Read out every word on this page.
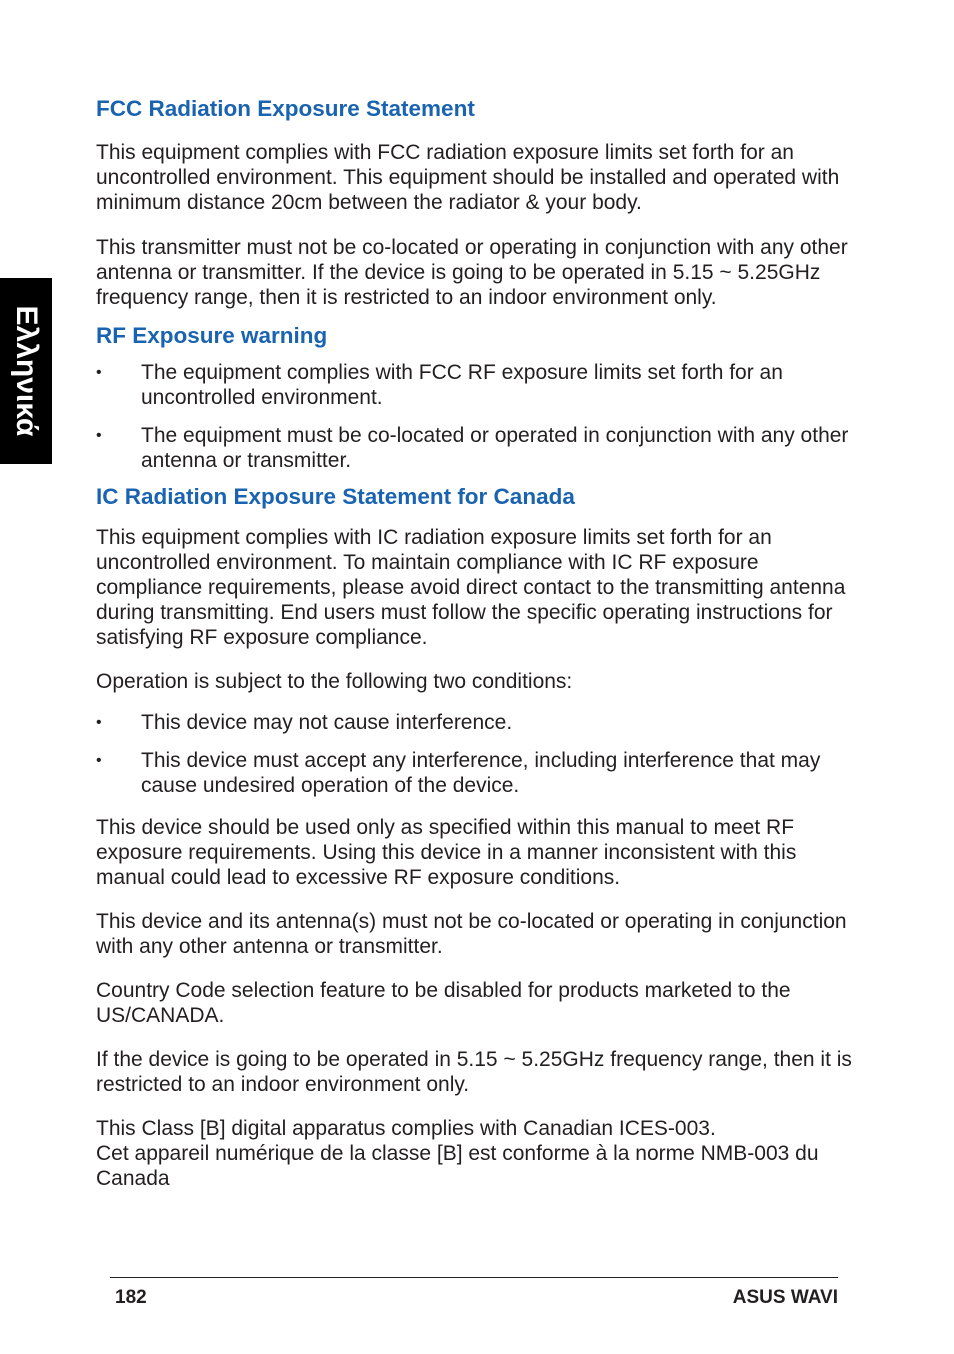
Ελληνικά
FCC Radiation Exposure Statement

This equipment complies with FCC radiation exposure limits set forth for an uncontrolled environment. This equipment should be installed and operated with minimum distance 20cm between the radiator & your body.

This transmitter must not be co-located or operating in conjunction with any other antenna or transmitter. If the device is going to be operated in 5.15 ~ 5.25GHz frequency range, then it is restricted to an indoor environment only.

RF Exposure warning
•	The equipment complies with FCC RF exposure limits set forth for an uncontrolled environment.
•	The equipment must be co-located or operated in conjunction with any other antenna or transmitter.
IC Radiation Exposure Statement for Canada

This equipment complies with IC radiation exposure limits set forth for an uncontrolled environment. To maintain compliance with IC RF exposure compliance requirements, please avoid direct contact to the transmitting antenna during transmitting. End users must follow the specific operating instructions for satisfying RF exposure compliance.

Operation is subject to the following two conditions:

•	This device may not cause interference.
•	This device must accept any interference, including interference that may cause undesired operation of the device.

This device should be used only as specified within this manual to meet RF exposure requirements. Using this device in a manner inconsistent with this manual could lead to excessive RF exposure conditions.

This device and its antenna(s) must not be co-located or operating in conjunction with any other antenna or transmitter.

Country Code selection feature to be disabled for products marketed to the US/CANADA.

If the device is going to be operated in 5.15 ~ 5.25GHz frequency range, then it is restricted to an indoor environment only.

This Class [B] digital apparatus complies with Canadian ICES-003.

Cet appareil numérique de la classe [B] est conforme à la norme NMB-003 du Canada

182	ASUS WAVI
